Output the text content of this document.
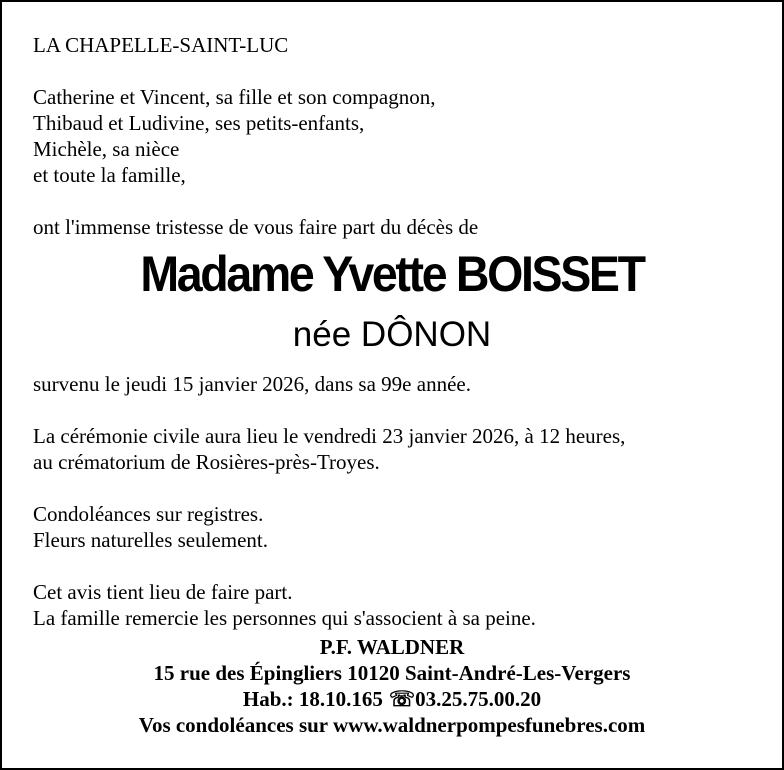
LA CHAPELLE-SAINT-LUC

Catherine et Vincent, sa fille et son compagnon,
Thibaud et Ludivine, ses petits-enfants,
Michèle, sa nièce
et toute la famille,

ont l'immense tristesse de vous faire part du décès de

Madame Yvette BOISSET
née DÔNON

survenu le jeudi 15 janvier 2026, dans sa 99e année.

La cérémonie civile aura lieu le vendredi 23 janvier 2026, à 12 heures,
au crématorium de Rosières-près-Troyes.

Condoléances sur registres.
Fleurs naturelles seulement.

Cet avis tient lieu de faire part.
La famille remercie les personnes qui s'associent à sa peine.

P.F. WALDNER
15 rue des Épingliers 10120 Saint-André-Les-Vergers
Hab.: 18.10.165 ☏03.25.75.00.20
Vos condoléances sur www.waldnerpompesfunebres.com
